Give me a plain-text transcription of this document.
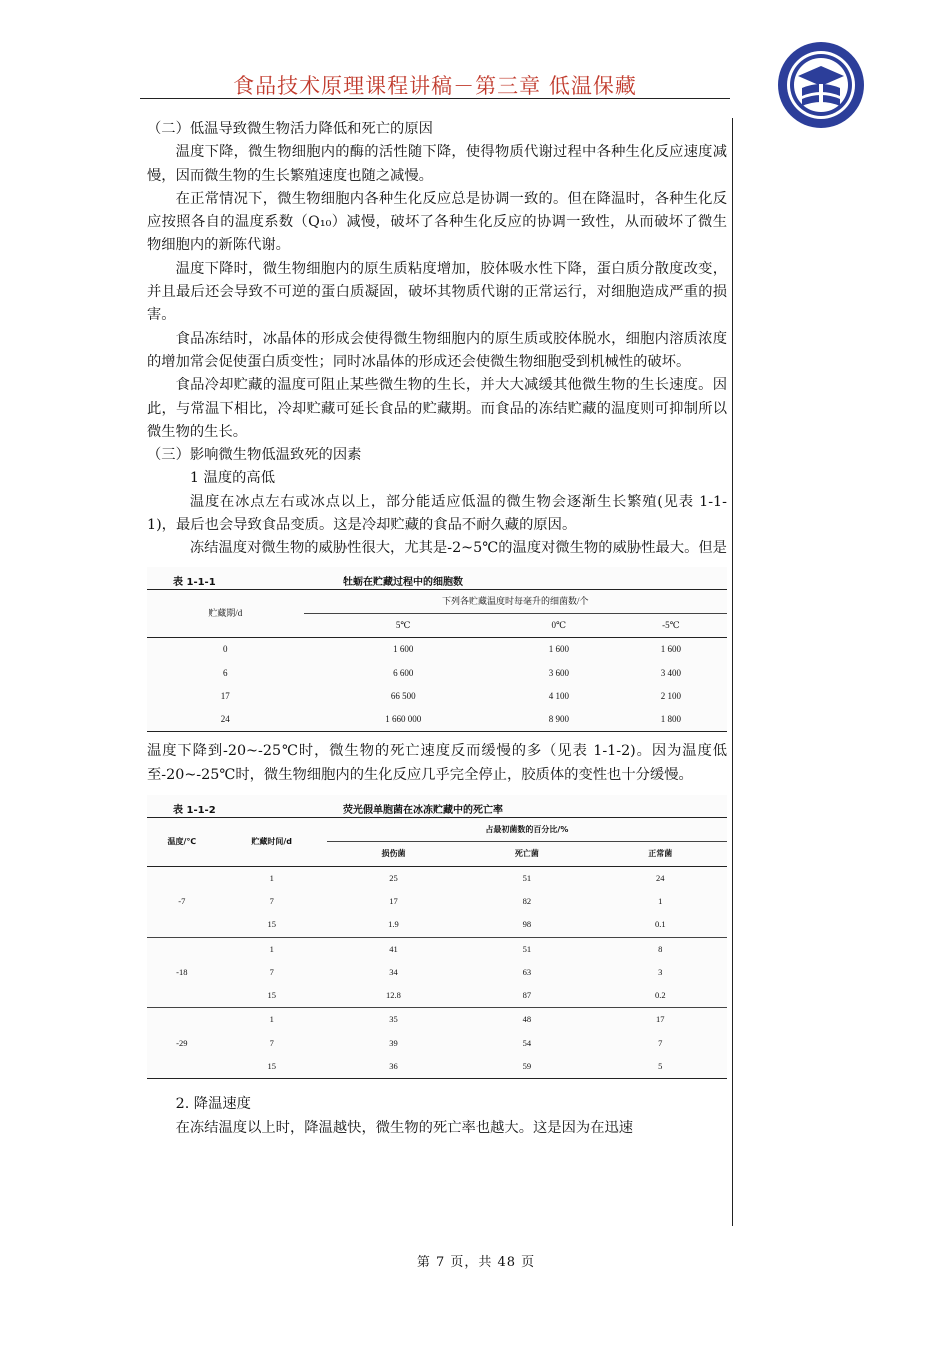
食品技术原理课程讲稿－第三章 低温保藏

（二）低温导致微生物活力降低和死亡的原因

温度下降，微生物细胞内的酶的活性随下降，使得物质代谢过程中各种生化反应速度减慢，因而微生物的生长繁殖速度也随之减慢。

在正常情况下，微生物细胞内各种生化反应总是协调一致的。但在降温时，各种生化反应按照各自的温度系数（Q₁₀）减慢，破坏了各种生化反应的协调一致性，从而破坏了微生物细胞内的新陈代谢。

温度下降时，微生物细胞内的原生质粘度增加，胶体吸水性下降，蛋白质分散度改变，并且最后还会导致不可逆的蛋白质凝固，破坏其物质代谢的正常运行，对细胞造成严重的损害。

食品冻结时，冰晶体的形成会使得微生物细胞内的原生质或胶体脱水，细胞内溶质浓度的增加常会促使蛋白质变性；同时冰晶体的形成还会使微生物细胞受到机械性的破坏。

食品冷却贮藏的温度可阻止某些微生物的生长，并大大减缓其他微生物的生长速度。因此，与常温下相比，冷却贮藏可延长食品的贮藏期。而食品的冻结贮藏的温度则可抑制所以微生物的生长。

（三）影响微生物低温致死的因素

1 温度的高低

温度在冰点左右或冰点以上，部分能适应低温的微生物会逐渐生长繁殖(见表 1-1-1)，最后也会导致食品变质。这是冷却贮藏的食品不耐久藏的原因。

冻结温度对微生物的威胁性很大，尤其是-2~5℃的温度对微生物的威胁性最大。但是

表 1-1-1	牡蛎在贮藏过程中的细胞数
贮藏期/d	下列各贮藏温度时每毫升的细菌数/个		
	5℃	0℃	-5℃
0	1 600	1 600	1 600
6	6 600	3 600	3 400
17	66 500	4 100	2 100
24	1 660 000	8 900	1 800

温度下降到-20~-25℃时，微生物的死亡速度反而缓慢的多（见表 1-1-2)。因为温度低至-20~-25℃时，微生物细胞内的生化反应几乎完全停止，胶质体的变性也十分缓慢。

表 1-1-2	荧光假单胞菌在冰冻贮藏中的死亡率
温度/℃	贮藏时间/d	占最初菌数的百分比/%		
		损伤菌	死亡菌	正常菌
-7	1	25	51	24
	7	17	82	1
	15	1.9	98	0.1
-18	1	41	51	8
	7	34	63	3
	15	12.8	87	0.2
-29	1	35	48	17
	7	39	54	7
	15	36	59	5

2. 降温速度

在冻结温度以上时，降温越快，微生物的死亡率也越大。这是因为在迅速

第 7 页，共 48 页
